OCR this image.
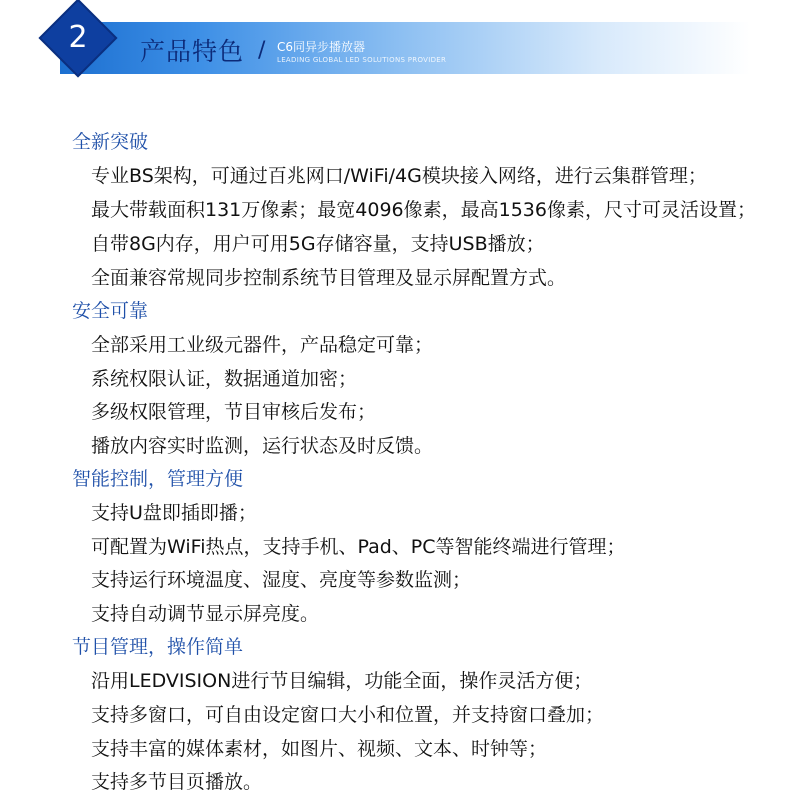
2	产品特色 / C6同异步播放器
LEADING GLOBAL LED SOLUTIONS PROVIDER
全新突破
专业BS架构，可通过百兆网口/WiFi/4G模块接入网络，进行云集群管理；
最大带载面积131万像素；最宽4096像素，最高1536像素，尺寸可灵活设置；
自带8G内存，用户可用5G存储容量，支持USB播放；
全面兼容常规同步控制系统节目管理及显示屏配置方式。
安全可靠
全部采用工业级元器件，产品稳定可靠；
系统权限认证，数据通道加密；
多级权限管理，节目审核后发布；
播放内容实时监测，运行状态及时反馈。
智能控制，管理方便
支持U盘即插即播；
可配置为WiFi热点，支持手机、Pad、PC等智能终端进行管理；
支持运行环境温度、湿度、亮度等参数监测；
支持自动调节显示屏亮度。
节目管理，操作简单
沿用LEDVISION进行节目编辑，功能全面，操作灵活方便；
支持多窗口，可自由设定窗口大小和位置，并支持窗口叠加；
支持丰富的媒体素材，如图片、视频、文本、时钟等；
支持多节目页播放。
